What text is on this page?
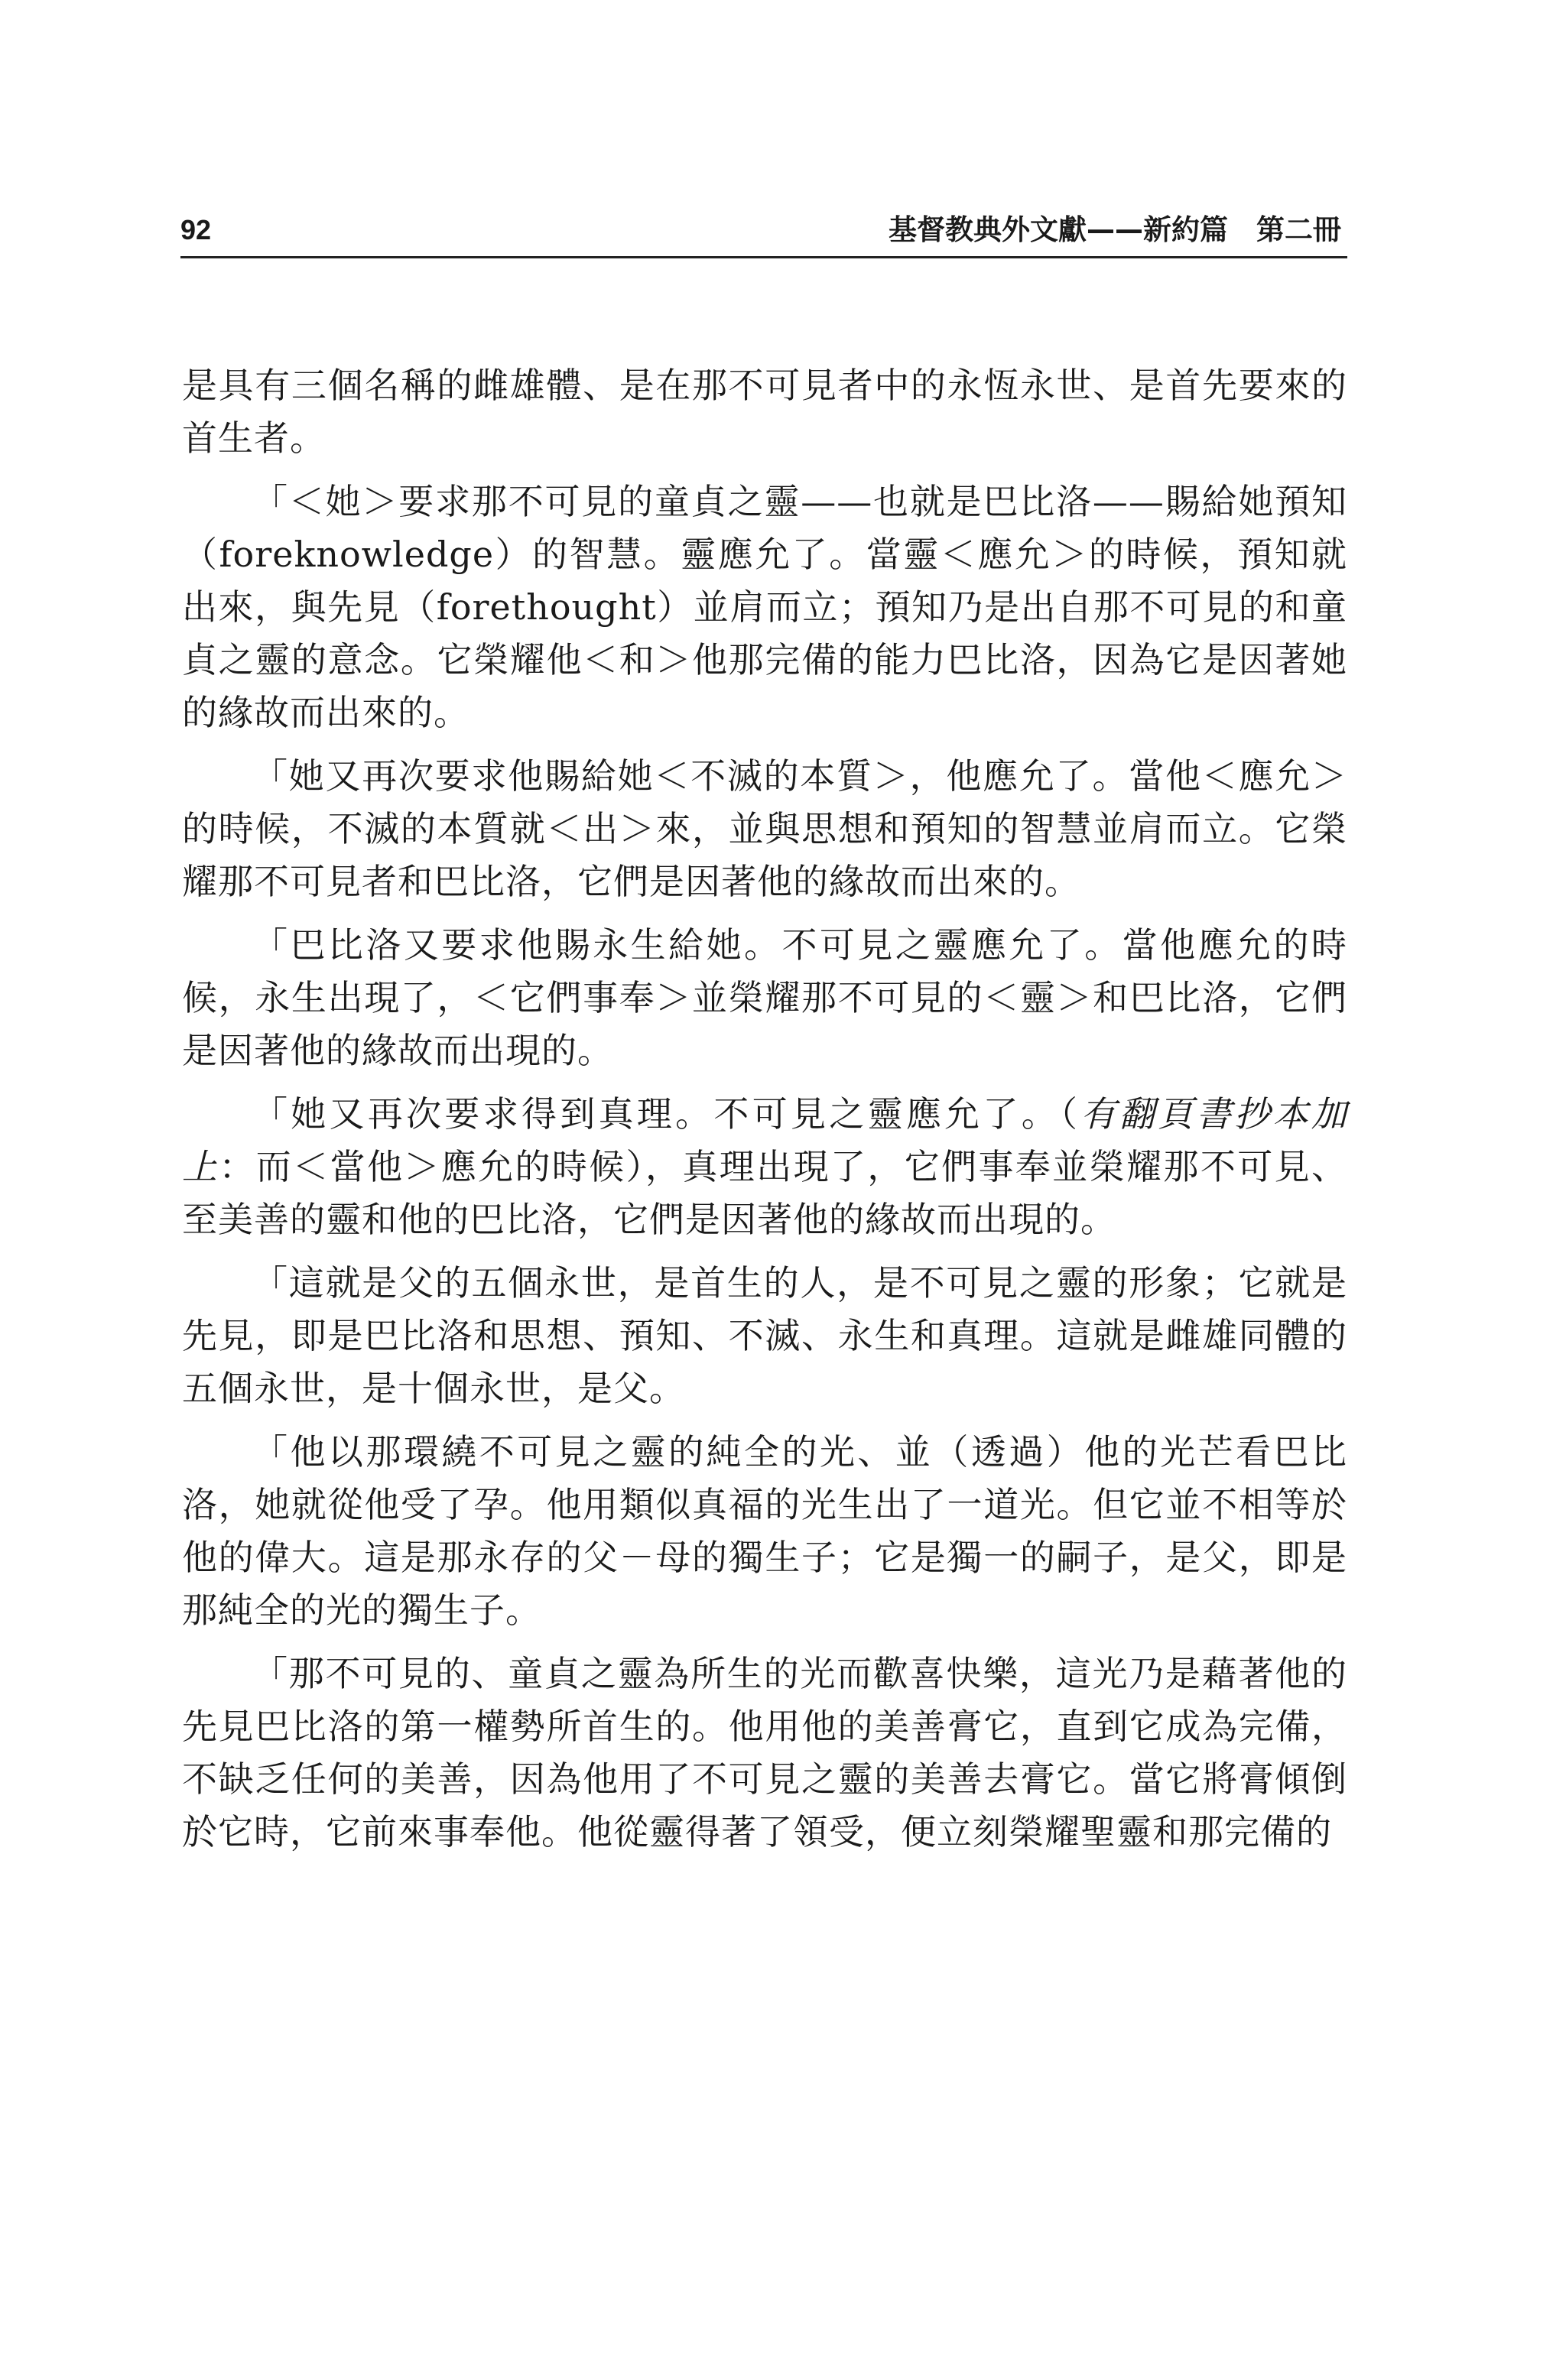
92	基督教典外文獻——新約篇　第二冊

是具有三個名稱的雌雄體、是在那不可見者中的永恆永世、是首先要來的首生者。

「＜她＞要求那不可見的童貞之靈——也就是巴比洛——賜給她預知（foreknowledge）的智慧。靈應允了。當靈＜應允＞的時候，預知就出來，與先見（forethought）並肩而立；預知乃是出自那不可見的和童貞之靈的意念。它榮耀他＜和＞他那完備的能力巴比洛，因為它是因著她的緣故而出來的。

「她又再次要求他賜給她＜不滅的本質＞，他應允了。當他＜應允＞的時候，不滅的本質就＜出＞來，並與思想和預知的智慧並肩而立。它榮耀那不可見者和巴比洛，它們是因著他的緣故而出來的。

「巴比洛又要求他賜永生給她。不可見之靈應允了。當他應允的時候，永生出現了，＜它們事奉＞並榮耀那不可見的＜靈＞和巴比洛，它們是因著他的緣故而出現的。

「她又再次要求得到真理。不可見之靈應允了。（有翻頁書抄本加上：而＜當他＞應允的時候），真理出現了，它們事奉並榮耀那不可見、至美善的靈和他的巴比洛，它們是因著他的緣故而出現的。

「這就是父的五個永世，是首生的人，是不可見之靈的形象；它就是先見，即是巴比洛和思想、預知、不滅、永生和真理。這就是雌雄同體的五個永世，是十個永世，是父。

「他以那環繞不可見之靈的純全的光、並（透過）他的光芒看巴比洛，她就從他受了孕。他用類似真福的光生出了一道光。但它並不相等於他的偉大。這是那永存的父－母的獨生子；它是獨一的嗣子，是父，即是那純全的光的獨生子。

「那不可見的、童貞之靈為所生的光而歡喜快樂，這光乃是藉著他的先見巴比洛的第一權勢所首生的。他用他的美善膏它，直到它成為完備，不缺乏任何的美善，因為他用了不可見之靈的美善去膏它。當它將膏傾倒於它時，它前來事奉他。他從靈得著了領受，便立刻榮耀聖靈和那完備的
